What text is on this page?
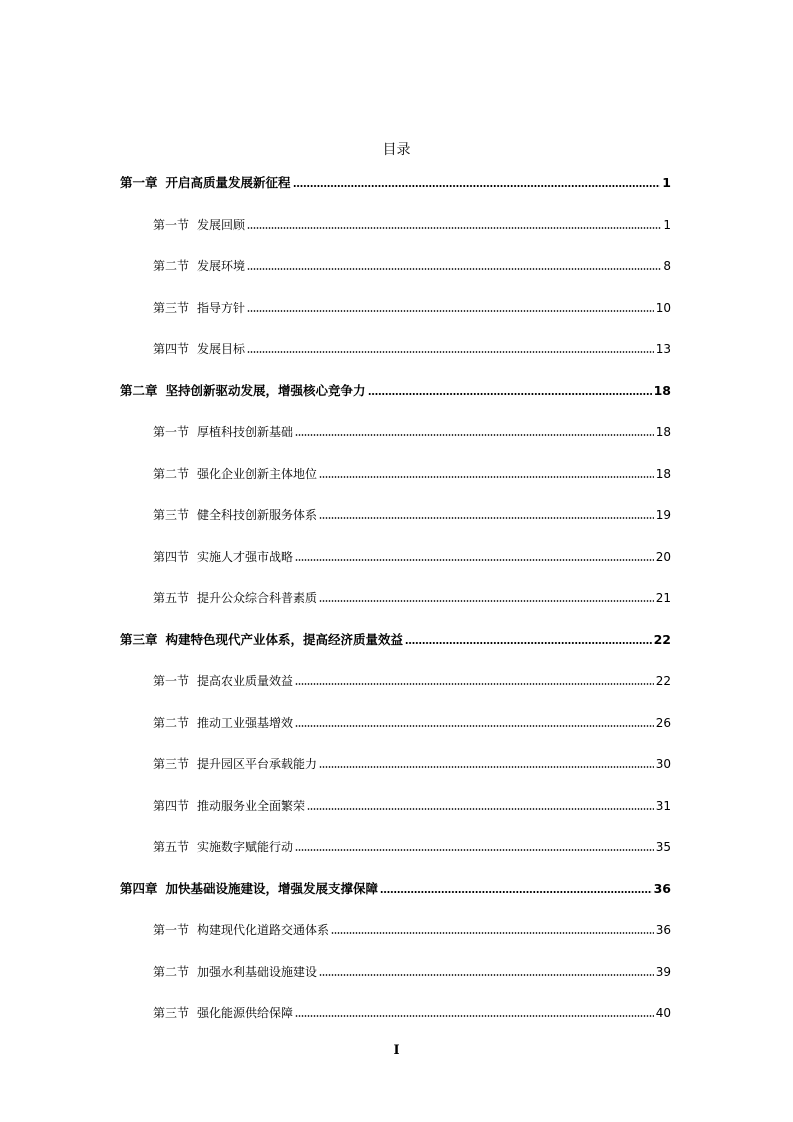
目录
第一章 开启高质量发展新征程	1
第一节 发展回顾	1
第二节 发展环境	8
第三节 指导方针	10
第四节 发展目标	13
第二章 坚持创新驱动发展，增强核心竞争力	18
第一节 厚植科技创新基础	18
第二节 强化企业创新主体地位	18
第三节 健全科技创新服务体系	19
第四节 实施人才强市战略	20
第五节 提升公众综合科普素质	21
第三章 构建特色现代产业体系，提高经济质量效益	22
第一节 提高农业质量效益	22
第二节 推动工业强基增效	26
第三节 提升园区平台承载能力	30
第四节 推动服务业全面繁荣	31
第五节 实施数字赋能行动	35
第四章 加快基础设施建设，增强发展支撑保障	36
第一节 构建现代化道路交通体系	36
第二节 加强水利基础设施建设	39
第三节 强化能源供给保障	40
I
